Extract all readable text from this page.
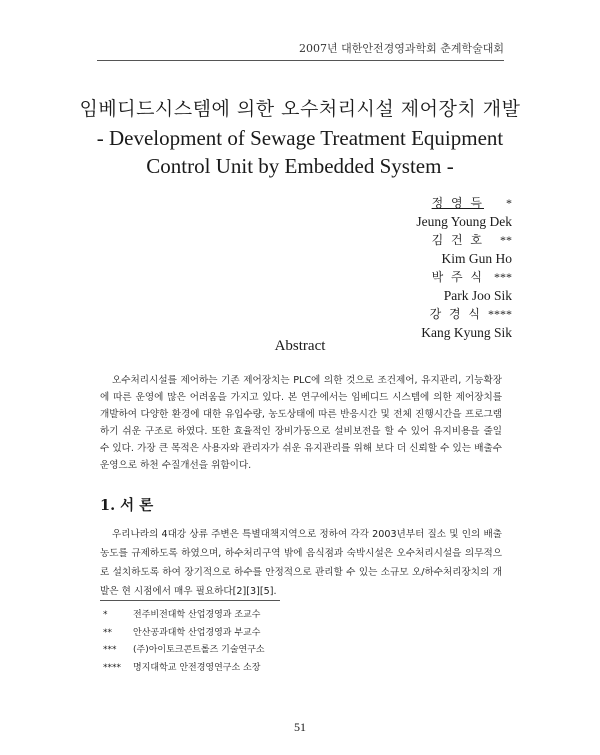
2007년 대한안전경영과학회 춘계학술대회
임베디드시스템에 의한 오수처리시설 제어장치 개발
- Development of Sewage Treatment Equipment
Control Unit by Embedded System -
정 영 득 *
Jeung Young Dek
김 건 호 **
Kim Gun Ho
박 주 식 ***
Park Joo Sik
강 경 식 ****
Kang Kyung Sik
Abstract
오수처리시설를 제어하는 기존 제어장치는 PLC에 의한 것으로 조건제어, 유지관리, 기능확장에 따른 운영에 많은 어려움을 가지고 있다. 본 연구에서는 임베디드 시스템에 의한 제어장치를 개발하여 다양한 환경에 대한 유입수량, 농도상태에 따른 반응시간 및 전체 진행시간을 프로그램 하기 쉬운 구조로 하였다. 또한 효율적인 장비가동으로 설비보전을 할 수 있어 유지비용을 줄일 수 있다. 가장 큰 목적은 사용자와 관리자가 쉬운 유지관리를 위해 보다 더 신뢰할 수 있는 배출수 운영으로 하천 수질개선을 위함이다.
1. 서 론
우리나라의 4대강 상류 주변은 특별대책지역으로 정하여 각각 2003년부터 질소 및 인의 배출농도를 규제하도록 하였으며, 하수처리구역 밖에 음식점과 숙박시설은 오수처리시설을 의무적으로 설치하도록 하여 장기적으로 하수를 안정적으로 관리할 수 있는 소규모 오/하수처리장치의 개발은 현 시점에서 매우 필요하다[2][3][5].
*	전주비전대학 산업경영과 조교수
** 안산공과대학 산업경영과 부교수
*** (주)아이토크콘트롤즈 기술연구소
**** 명지대학교 안전경영연구소 소장
51
